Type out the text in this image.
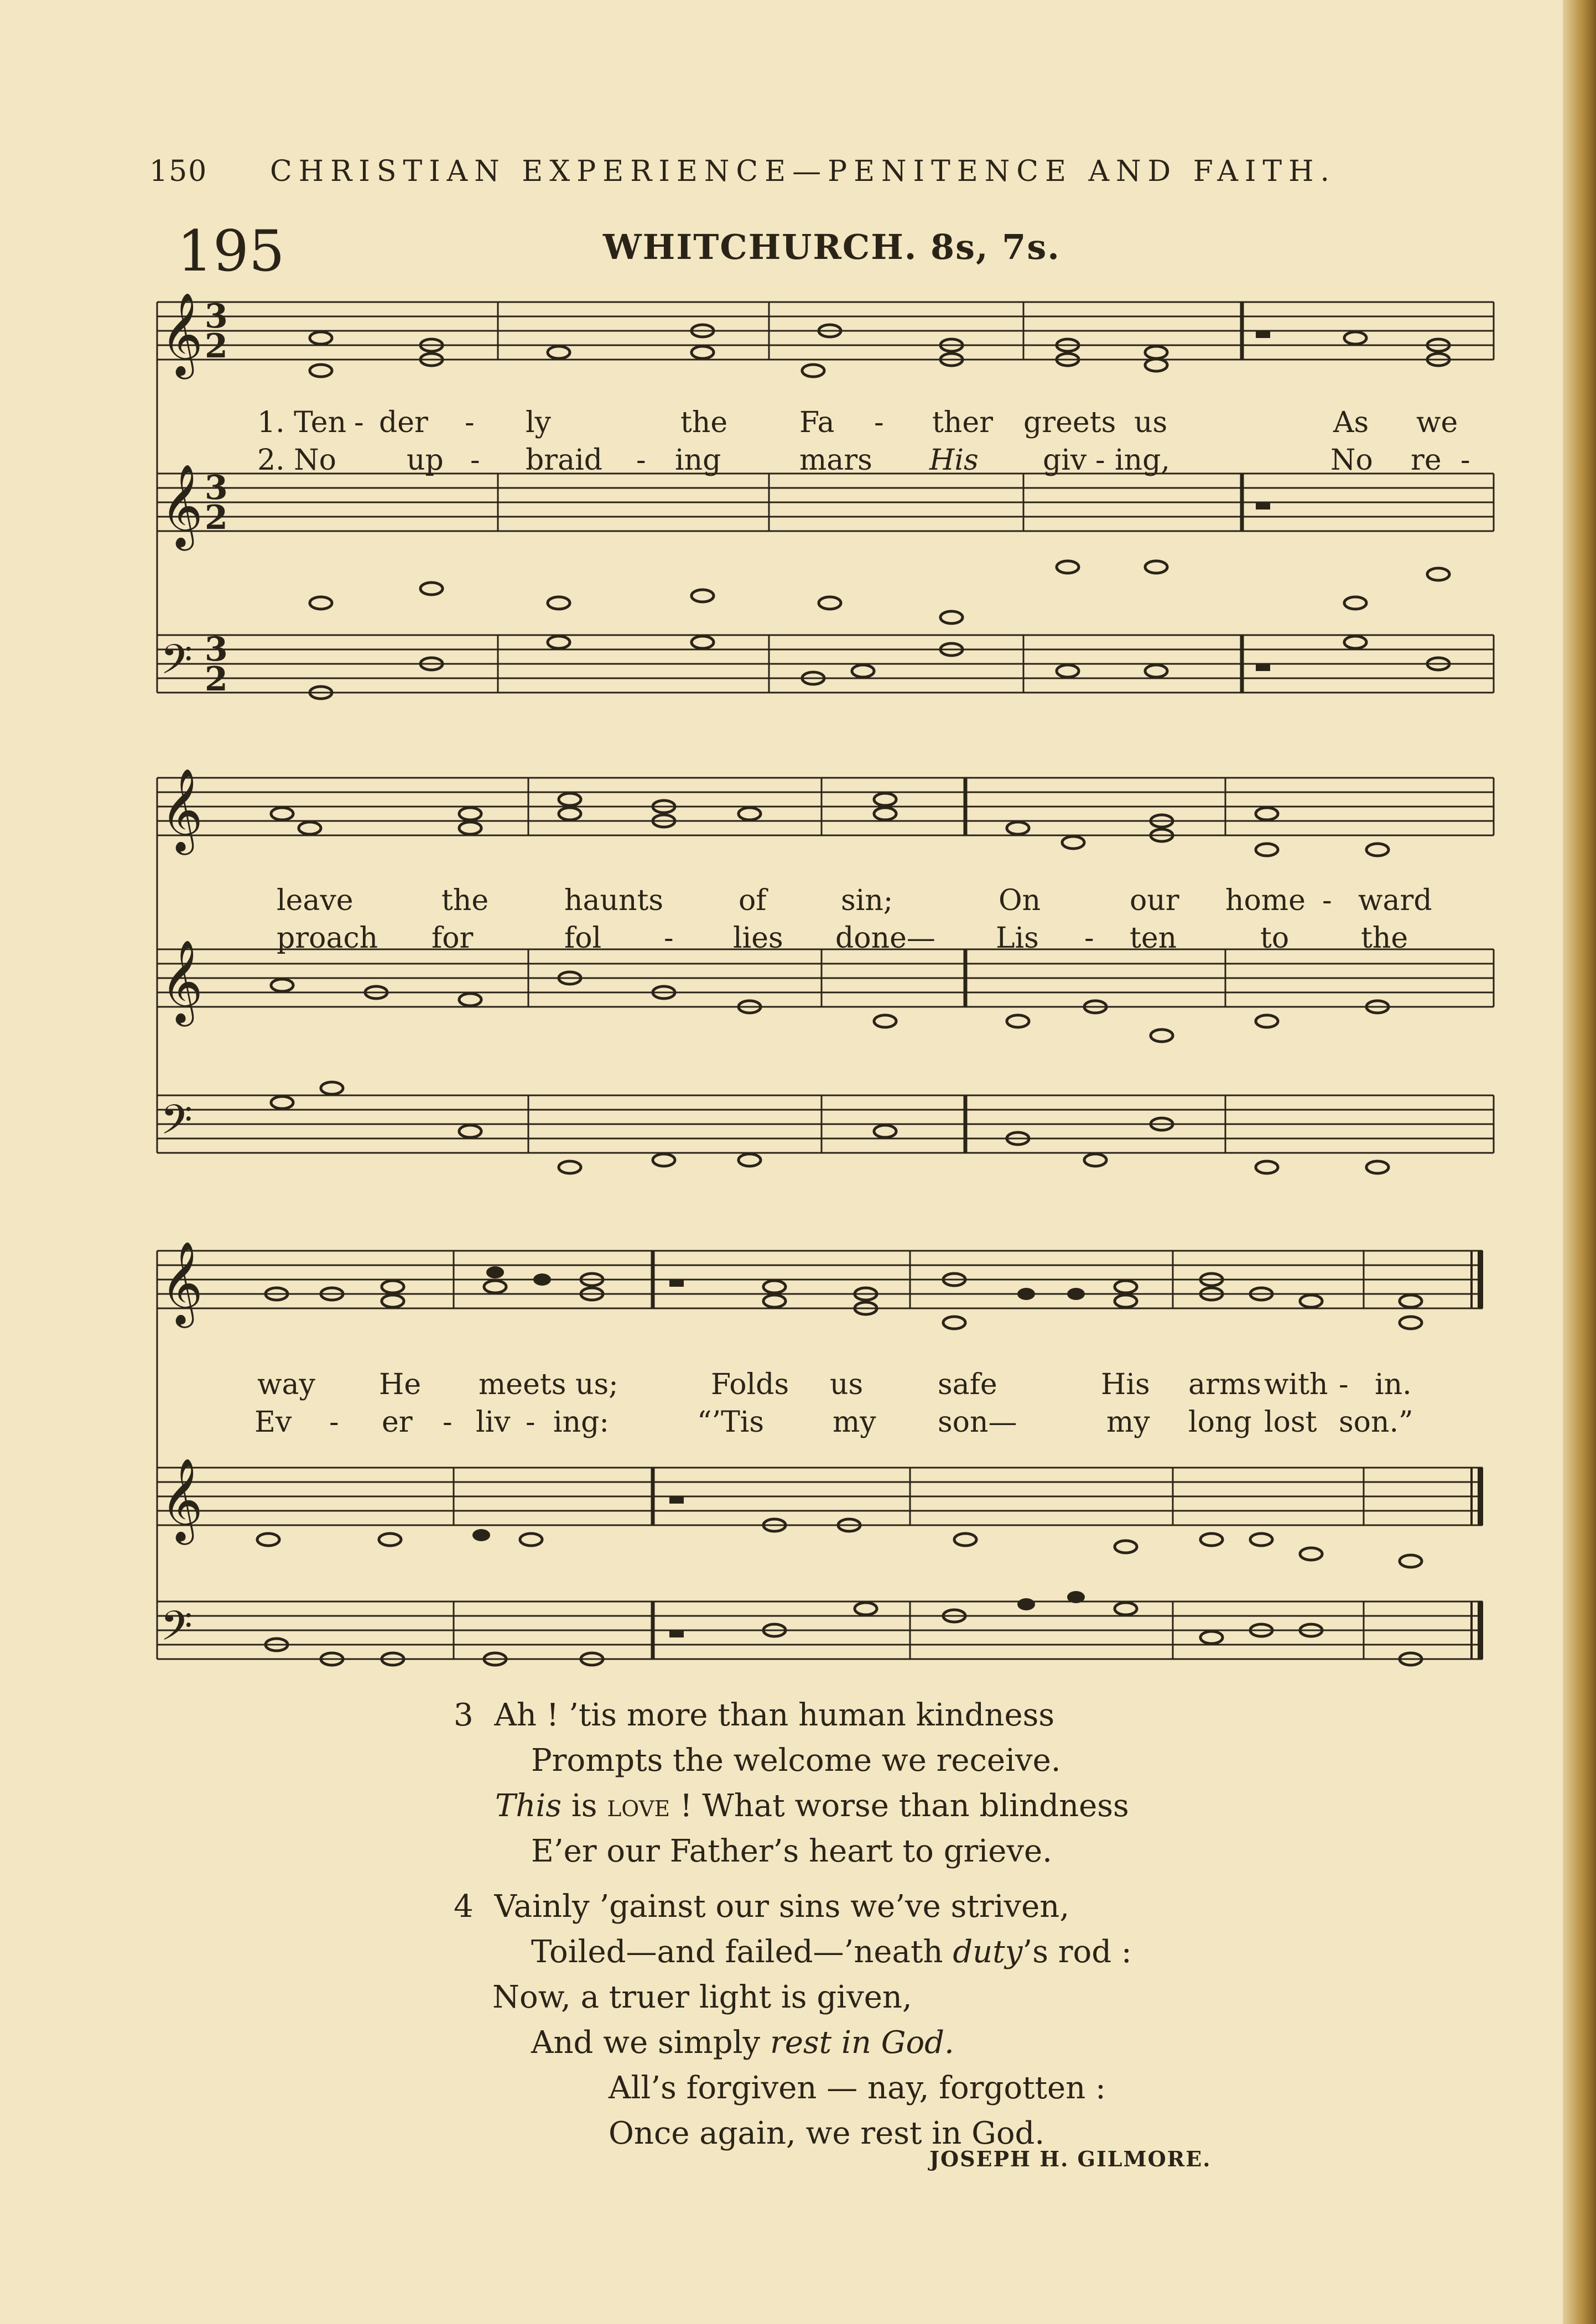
150 CHRISTIAN EXPERIENCE—PENITENCE AND FAITH.
195	WHITCHURCH. 8s, 7s.
𝄞
𝄞
𝄢
3
2
3
2
3
2
1. Ten - der - ly	the Fa - ther greets us	As we
2. No up - braid - ing	mars His giv - ing,	No re -
𝄞
𝄞
𝄢
leave	the	haunts	of	sin;	On	our home - ward
proach for	fol - lies done— Lis - ten	to the
𝄞
𝄞
𝄢
way He meets us;	Folds us	safe	His arms with - in.
Ev - er - liv - ing:	“’Tis my son—	my long lost son.”
3 Ah ! ’tis more than human kindness
Prompts the welcome we receive.
This is love ! What worse than blindness
E’er our Father’s heart to grieve.
4 Vainly ’gainst our sins we’ve striven,
Toiled—and failed—’neath duty’s rod :
Now, a truer light is given,
And we simply rest in God.
All’s forgiven — nay, forgotten :
Once again, we rest in God.
JOSEPH H. GILMORE.
